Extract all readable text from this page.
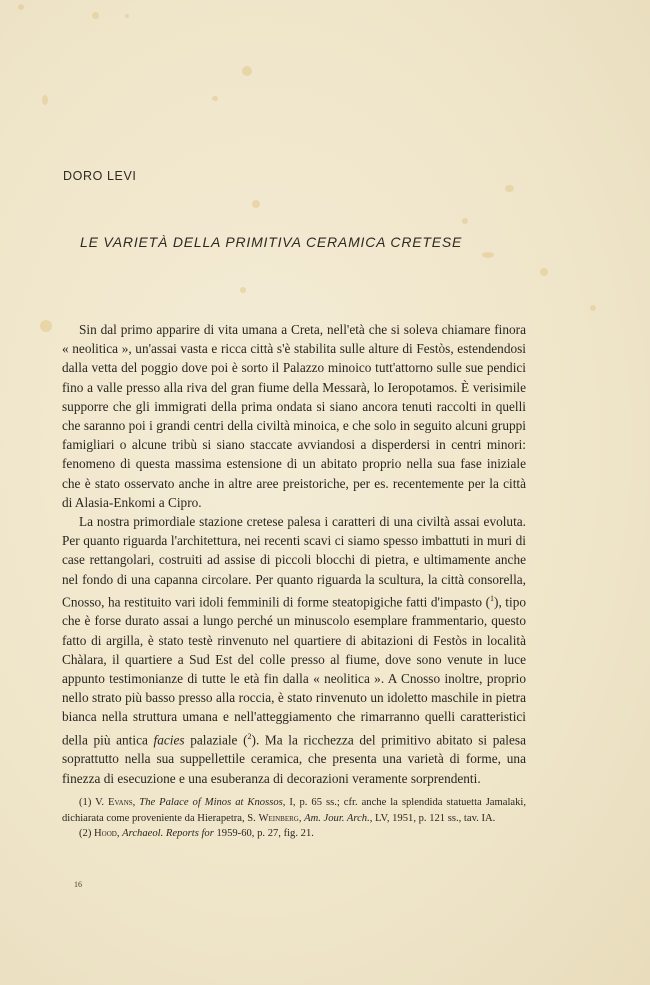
DORO LEVI
LE VARIETÀ DELLA PRIMITIVA CERAMICA CRETESE

Sin dal primo apparire di vita umana a Creta, nell'età che si soleva chiamare finora « neolitica », un'assai vasta e ricca città s'è stabilita sulle alture di Festòs, estendendosi dalla vetta del poggio dove poi è sorto il Palazzo minoico tutt'attorno sulle sue pendici fino a valle presso alla riva del gran fiume della Messarà, lo Ieropotamos. È verisimile supporre che gli immigrati della prima ondata si siano ancora tenuti raccolti in quelli che saranno poi i grandi centri della civiltà minoica, e che solo in seguito alcuni gruppi famigliari o alcune tribù si siano staccate avviandosi a disperdersi in centri minori: fenomeno di questa massima estensione di un abitato proprio nella sua fase iniziale che è stato osservato anche in altre aree preistoriche, per es. recentemente per la città di Alasia-Enkomi a Cipro.

La nostra primordiale stazione cretese palesa i caratteri di una civiltà assai evoluta. Per quanto riguarda l'architettura, nei recenti scavi ci siamo spesso imbattuti in muri di case rettangolari, costruiti ad assise di piccoli blocchi di pietra, e ultimamente anche nel fondo di una capanna circolare. Per quanto riguarda la scultura, la città consorella, Cnosso, ha restituito vari idoli femminili di forme steatopigiche fatti d'impasto ($^1$), tipo che è forse durato assai a lungo perché un minuscolo esemplare frammentario, questo fatto di argilla, è stato testè rinvenuto nel quartiere di abitazioni di Festòs in località Chàlara, il quartiere a Sud Est del colle presso al fiume, dove sono venute in luce appunto testimonianze di tutte le età fin dalla « neolitica ». A Cnosso inoltre, proprio nello strato più basso presso alla roccia, è stato rinvenuto un idoletto maschile in pietra bianca nella struttura umana e nell'atteggiamento che rimarranno quelli caratteristici della più antica facies palaziale ($^2$). Ma la ricchezza del primitivo abitato si palesa soprattutto nella sua suppellettile ceramica, che presenta una varietà di forme, una finezza di esecuzione e una esuberanza di decorazioni veramente sorprendenti.

(1) V. Evans, The Palace of Minos at Knossos, I, p. 65 ss.; cfr. anche la splendida statuetta Jamalaki, dichiarata come proveniente da Hierapetra, S. Weinberg, Am. Jour. Arch., LV, 1951, p. 121 ss., tav. IA.

(2) Hood, Archaeol. Reports for 1959-60, p. 27, fig. 21.

16
